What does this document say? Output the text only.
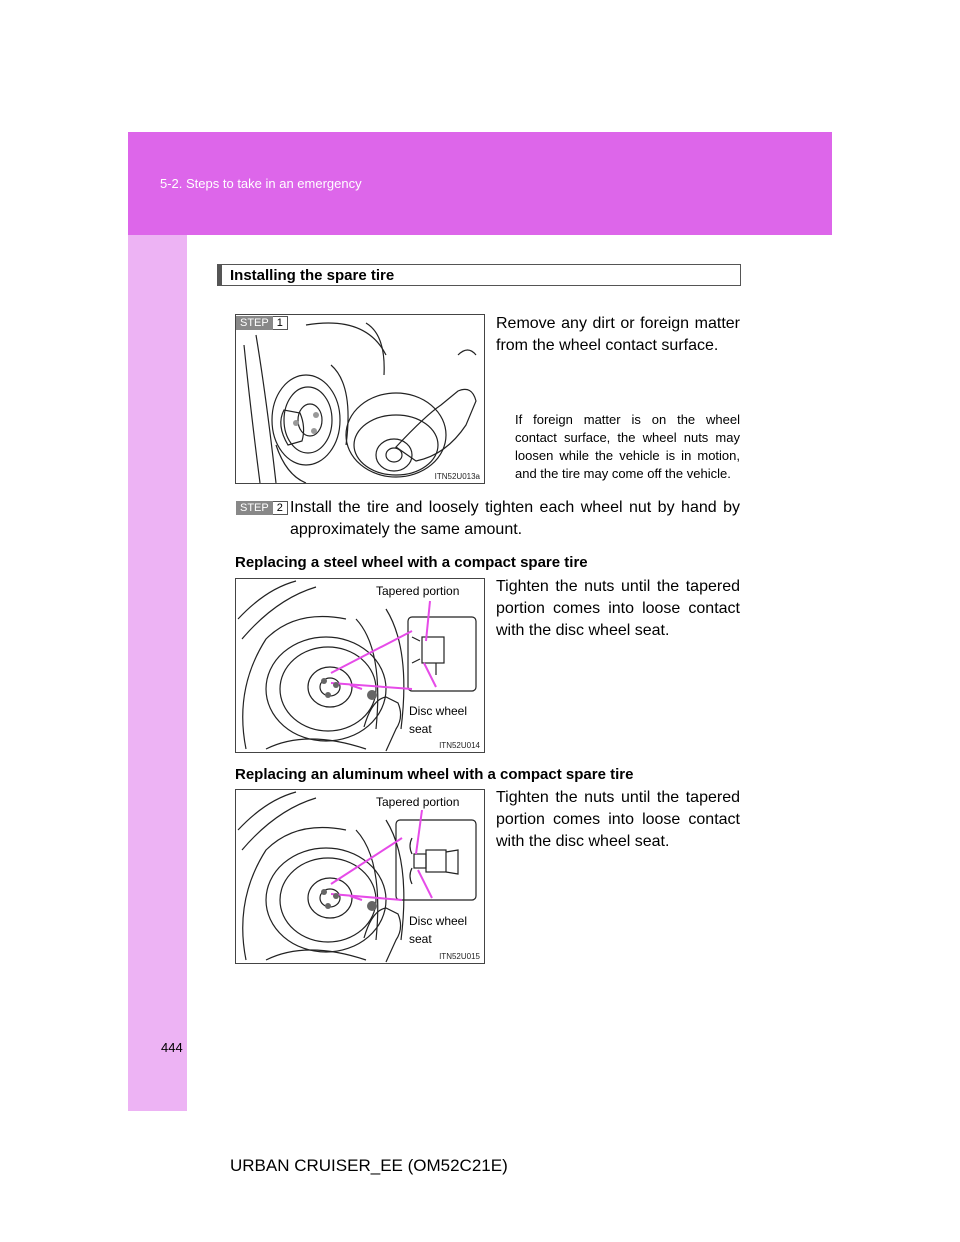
5-2. Steps to take in an emergency
Installing the spare tire
ITN52U013a
STEP 1	Remove any dirt or foreign matter from the wheel contact surface.
If foreign matter is on the wheel contact surface, the wheel nuts may loosen while the vehicle is in motion, and the tire may come off the vehicle.
STEP 2 Install the tire and loosely tighten each wheel nut by hand by approximately the same amount.
Replacing a steel wheel with a compact spare tire
ITN52U014
Tapered portion
Disc wheel
seat
Tighten the nuts until the tapered portion comes into loose contact with the disc wheel seat.
Replacing an aluminum wheel with a compact spare tire
ITN52U015
Tapered portion
Disc wheel
seat
Tighten the nuts until the tapered portion comes into loose contact with the disc wheel seat.
444
URBAN CRUISER_EE (OM52C21E)
